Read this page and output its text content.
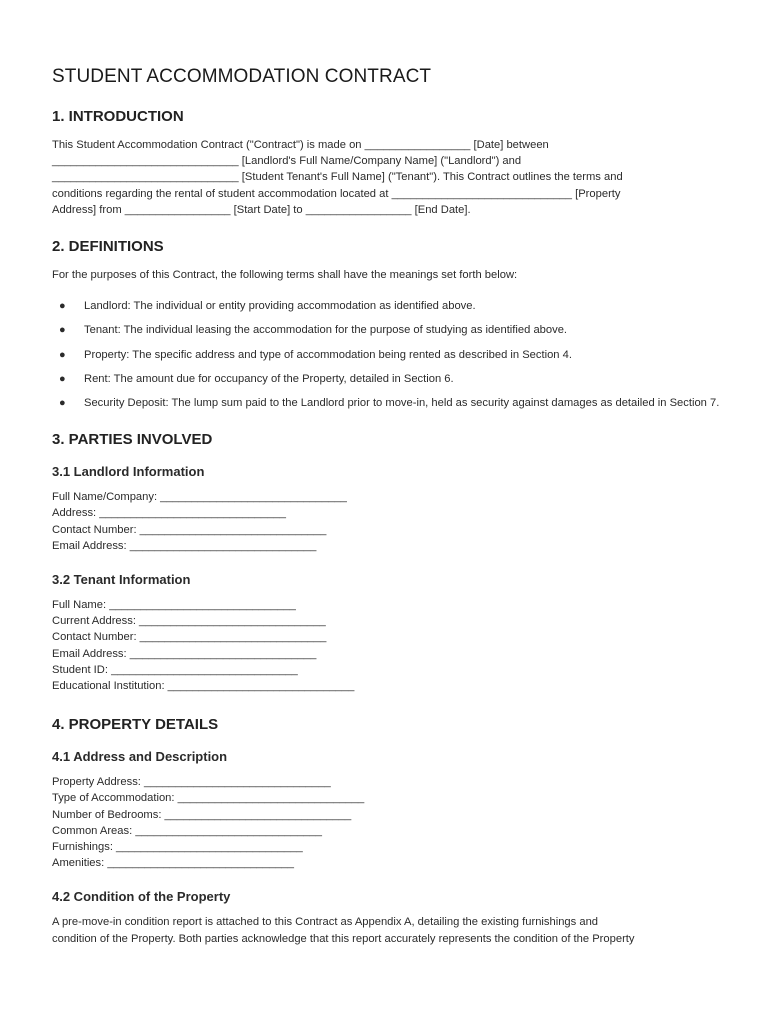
STUDENT ACCOMMODATION CONTRACT
1. INTRODUCTION

This Student Accommodation Contract ("Contract") is made on _________________ [Date] between

______________________________ [Landlord's Full Name/Company Name] ("Landlord") and

______________________________ [Student Tenant's Full Name] ("Tenant"). This Contract outlines the terms and

conditions regarding the rental of student accommodation located at _____________________________ [Property

Address] from _________________ [Start Date] to _________________ [End Date].

2. DEFINITIONS

For the purposes of this Contract, the following terms shall have the meanings set forth below:

● Landlord: The individual or entity providing accommodation as identified above.
● Tenant: The individual leasing the accommodation for the purpose of studying as identified above.
● Property: The specific address and type of accommodation being rented as described in Section 4.
● Rent: The amount due for occupancy of the Property, detailed in Section 6.
● Security Deposit: The lump sum paid to the Landlord prior to move-in, held as security against damages as detailed in Section 7.
3. PARTIES INVOLVED
3.1 Landlord Information
Full Name/Company: ______________________________
Address: ______________________________
Contact Number: ______________________________
Email Address: ______________________________
3.2 Tenant Information
Full Name: ______________________________
Current Address: ______________________________
Contact Number: ______________________________
Email Address: ______________________________
Student ID: ______________________________
Educational Institution: ______________________________
4. PROPERTY DETAILS
4.1 Address and Description
Property Address: ______________________________
Type of Accommodation: ______________________________
Number of Bedrooms: ______________________________
Common Areas: ______________________________
Furnishings: ______________________________
Amenities: ______________________________
4.2 Condition of the Property

A pre-move-in condition report is attached to this Contract as Appendix A, detailing the existing furnishings and

condition of the Property. Both parties acknowledge that this report accurately represents the condition of the Property
